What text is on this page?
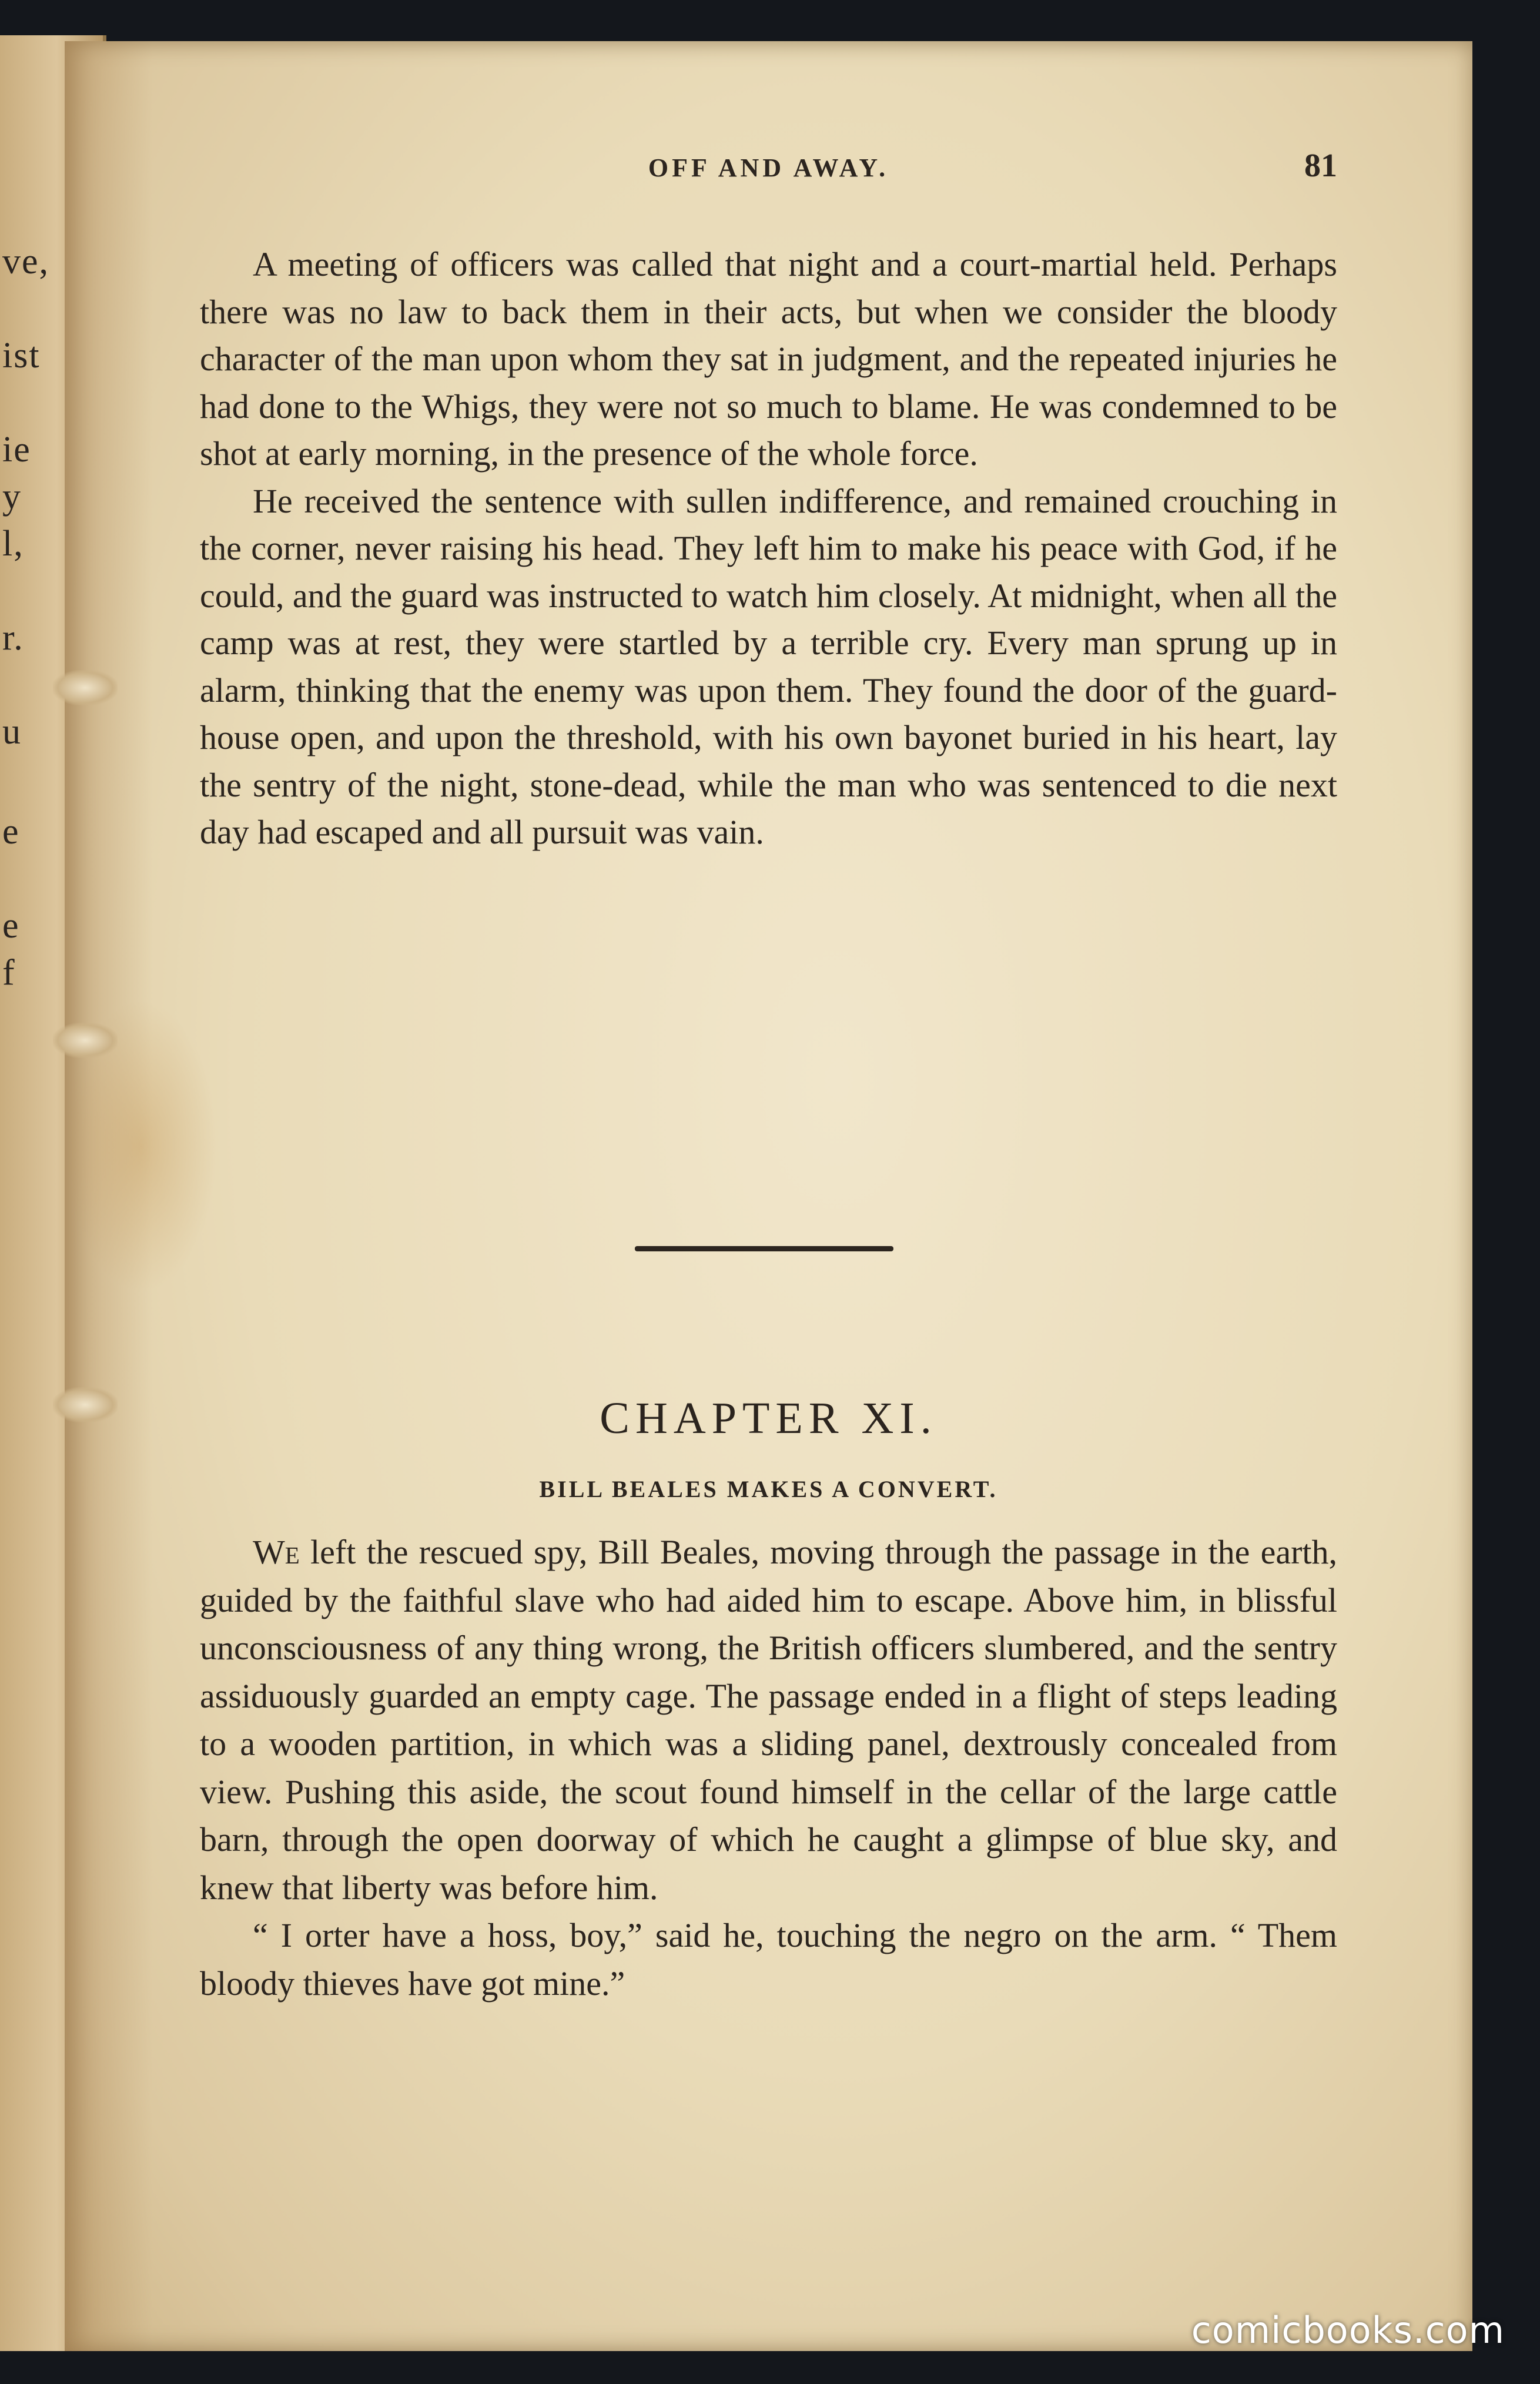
ve,
ist
ie
y
l,
r.
u
e
e
f
OFF AND AWAY.	81

A meeting of officers was called that night and a court-martial held. Perhaps there was no law to back them in their acts, but when we consider the bloody character of the man upon whom they sat in judgment, and the repeated injuries he had done to the Whigs, they were not so much to blame. He was condemned to be shot at early morning, in the presence of the whole force.

He received the sentence with sullen indifference, and remained crouching in the corner, never raising his head. They left him to make his peace with God, if he could, and the guard was instructed to watch him closely. At midnight, when all the camp was at rest, they were startled by a terrible cry. Every man sprung up in alarm, thinking that the enemy was upon them. They found the door of the guard-house open, and upon the threshold, with his own bayonet buried in his heart, lay the sentry of the night, stone-dead, while the man who was sentenced to die next day had escaped and all pursuit was vain.

CHAPTER XI.
BILL BEALES MAKES A CONVERT.

We left the rescued spy, Bill Beales, moving through the passage in the earth, guided by the faithful slave who had aided him to escape. Above him, in blissful unconsciousness of any thing wrong, the British officers slumbered, and the sentry assiduously guarded an empty cage. The passage ended in a flight of steps leading to a wooden partition, in which was a sliding panel, dextrously concealed from view. Pushing this aside, the scout found himself in the cellar of the large cattle barn, through the open doorway of which he caught a glimpse of blue sky, and knew that liberty was before him.

“ I orter have a hoss, boy,” said he, touching the negro on the arm. “ Them bloody thieves have got mine.”

comicbooks.com
